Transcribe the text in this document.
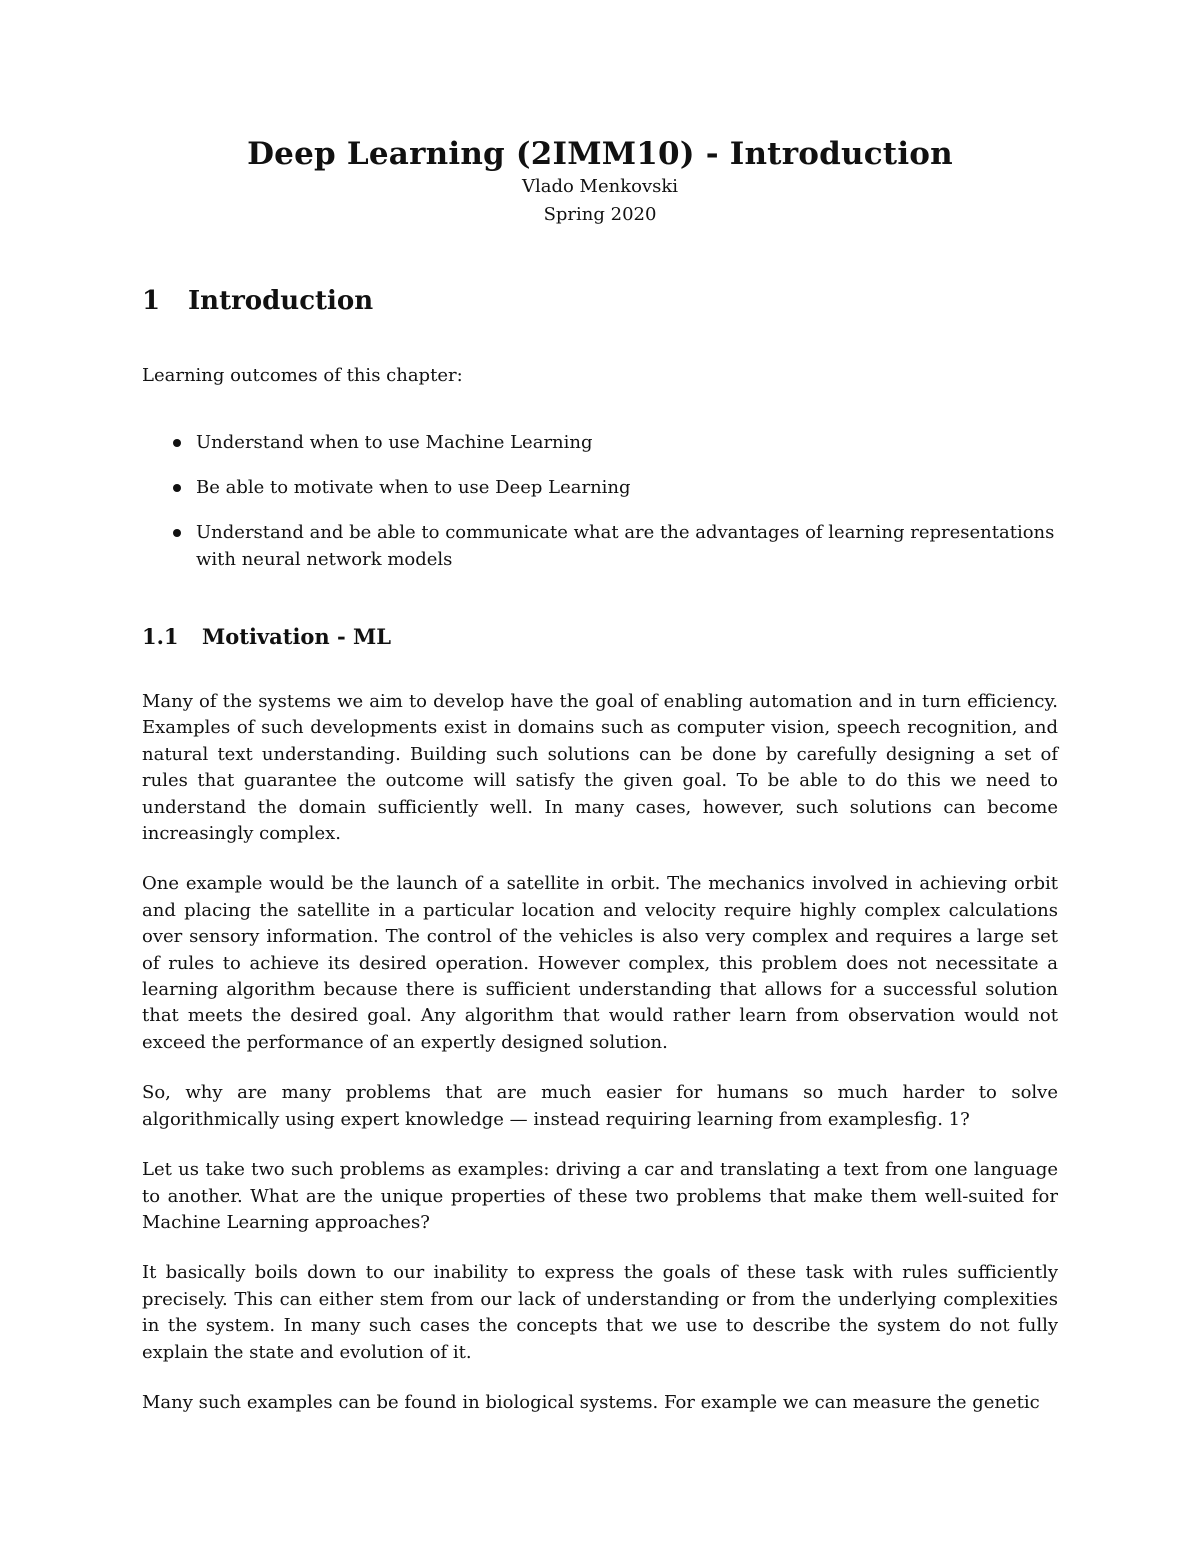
Deep Learning (2IMM10) - Introduction
Vlado Menkovski
Spring 2020
1 Introduction
Learning outcomes of this chapter:
Understand when to use Machine Learning
Be able to motivate when to use Deep Learning
Understand and be able to communicate what are the advantages of learning representations with neural network models
1.1 Motivation - ML

Many of the systems we aim to develop have the goal of enabling automation and in turn efficiency. Examples of such developments exist in domains such as computer vision, speech recognition, and natural text understanding. Building such solutions can be done by carefully designing a set of rules that guarantee the outcome will satisfy the given goal. To be able to do this we need to understand the domain sufficiently well. In many cases, however, such solutions can become increasingly complex.

One example would be the launch of a satellite in orbit. The mechanics involved in achieving orbit and placing the satellite in a particular location and velocity require highly complex calculations over sensory information. The control of the vehicles is also very complex and requires a large set of rules to achieve its desired operation. However complex, this problem does not necessitate a learning algorithm because there is sufficient understanding that allows for a successful solution that meets the desired goal. Any algorithm that would rather learn from observation would not exceed the performance of an expertly designed solution.

So, why are many problems that are much easier for humans so much harder to solve algorithmically using expert knowledge — instead requiring learning from examplesfig. 1?

Let us take two such problems as examples: driving a car and translating a text from one language to another. What are the unique properties of these two problems that make them well-suited for Machine Learning approaches?

It basically boils down to our inability to express the goals of these task with rules sufficiently precisely. This can either stem from our lack of understanding or from the underlying complexities in the system. In many such cases the concepts that we use to describe the system do not fully explain the state and evolution of it.

Many such examples can be found in biological systems. For example we can measure the genetic
